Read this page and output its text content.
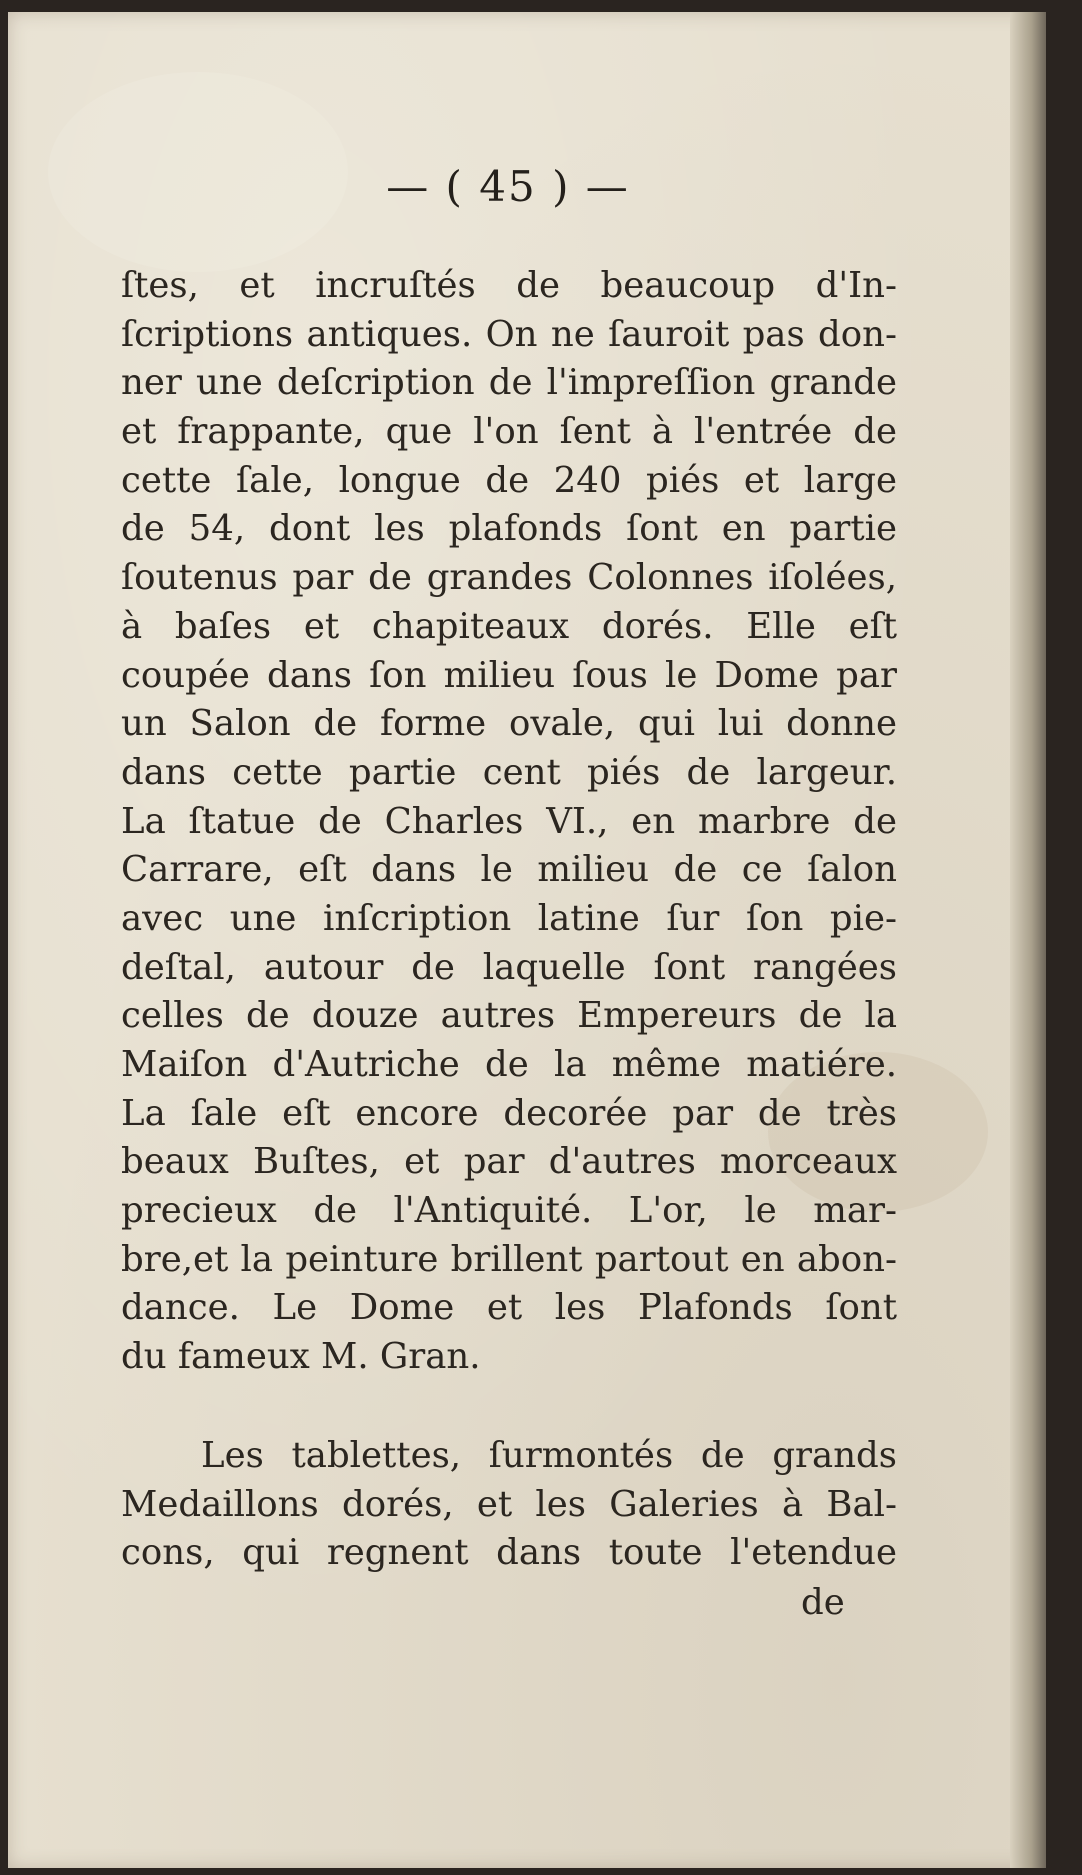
— ( 45 ) —
ſtes, et incruſtés de beaucoup d'In-
ſcriptions antiques. On ne ſauroit pas don-
ner une deſcription de l'impreſſion grande
et frappante, que l'on ſent à l'entrée de
cette ſale, longue de 240 piés et large
de 54, dont les plafonds ſont en partie
ſoutenus par de grandes Colonnes iſolées,
à baſes et chapiteaux dorés. Elle eſt
coupée dans ſon milieu ſous le Dome par
un Salon de forme ovale, qui lui donne
dans cette partie cent piés de largeur.
La ſtatue de Charles VI., en marbre de
Carrare, eſt dans le milieu de ce ſalon
avec une inſcription latine ſur ſon pie-
deſtal, autour de laquelle ſont rangées
celles de douze autres Empereurs de la
Maiſon d'Autriche de la même matiére.
La ſale eſt encore decorée par de très
beaux Buſtes, et par d'autres morceaux
precieux de l'Antiquité. L'or, le mar-
bre,et la peinture brillent partout en abon-
dance. Le Dome et les Plafonds ſont
du fameux M. Gran.
Les tablettes, ſurmontés de grands
Medaillons dorés, et les Galeries à Bal-
cons, qui regnent dans toute l'etendue
de
